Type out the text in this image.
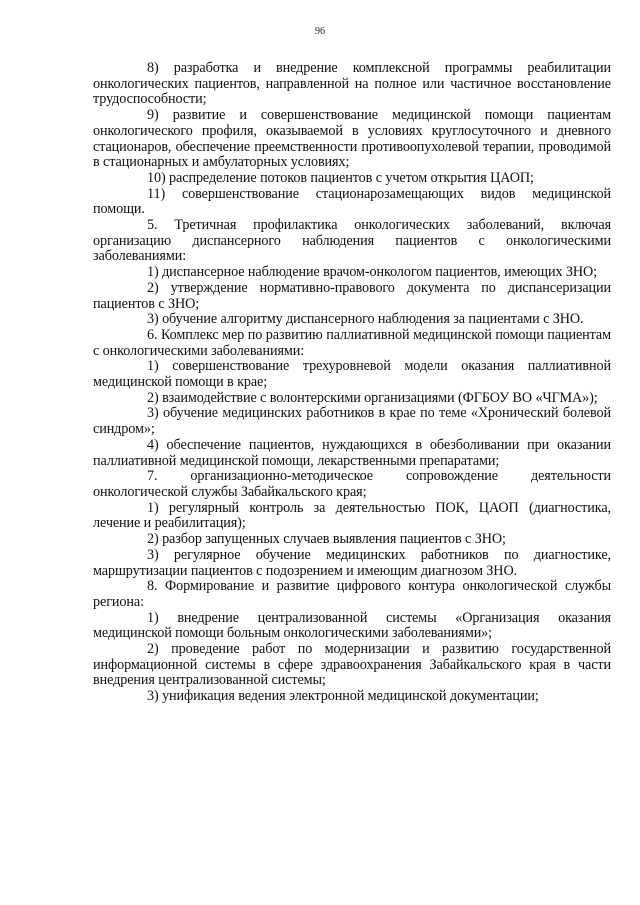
96

8) разработка и внедрение комплексной программы реабилитации онкологических пациентов, направленной на полное или частичное восстановление трудоспособности;

9) развитие и совершенствование медицинской помощи пациентам онкологического профиля, оказываемой в условиях круглосуточного и дневного стационаров, обеспечение преемственности противоопухолевой терапии, проводимой в стационарных и амбулаторных условиях;

10) распределение потоков пациентов с учетом открытия ЦАОП;

11) совершенствование стационарозамещающих видов медицинской помощи.

5. Третичная профилактика онкологических заболеваний, включая организацию диспансерного наблюдения пациентов с онкологическими заболеваниями:

1) диспансерное наблюдение врачом-онкологом пациентов, имеющих ЗНО;

2) утверждение нормативно-правового документа по диспансеризации пациентов с ЗНО;

3) обучение алгоритму диспансерного наблюдения за пациентами с ЗНО.

6. Комплекс мер по развитию паллиативной медицинской помощи пациентам с онкологическими заболеваниями:

1) совершенствование трехуровневой модели оказания паллиативной медицинской помощи в крае;

2) взаимодействие с волонтерскими организациями (ФГБОУ ВО «ЧГМА»);

3) обучение медицинских работников в крае по теме «Хронический болевой синдром»;

4) обеспечение пациентов, нуждающихся в обезболивании при оказании паллиативной медицинской помощи, лекарственными препаратами;

7. организационно-методическое сопровождение деятельности онкологической службы Забайкальского края;

1) регулярный контроль за деятельностью ПОК, ЦАОП (диагностика, лечение и реабилитация);

2) разбор запущенных случаев выявления пациентов с ЗНО;

3) регулярное обучение медицинских работников по диагностике, маршрутизации пациентов с подозрением и имеющим диагнозом ЗНО.

8. Формирование и развитие цифрового контура онкологической службы региона:

1) внедрение централизованной системы «Организация оказания медицинской помощи больным онкологическими заболеваниями»;

2) проведение работ по модернизации и развитию государственной информационной системы в сфере здравоохранения Забайкальского края в части внедрения централизованной системы;

3) унификация ведения электронной медицинской документации;
